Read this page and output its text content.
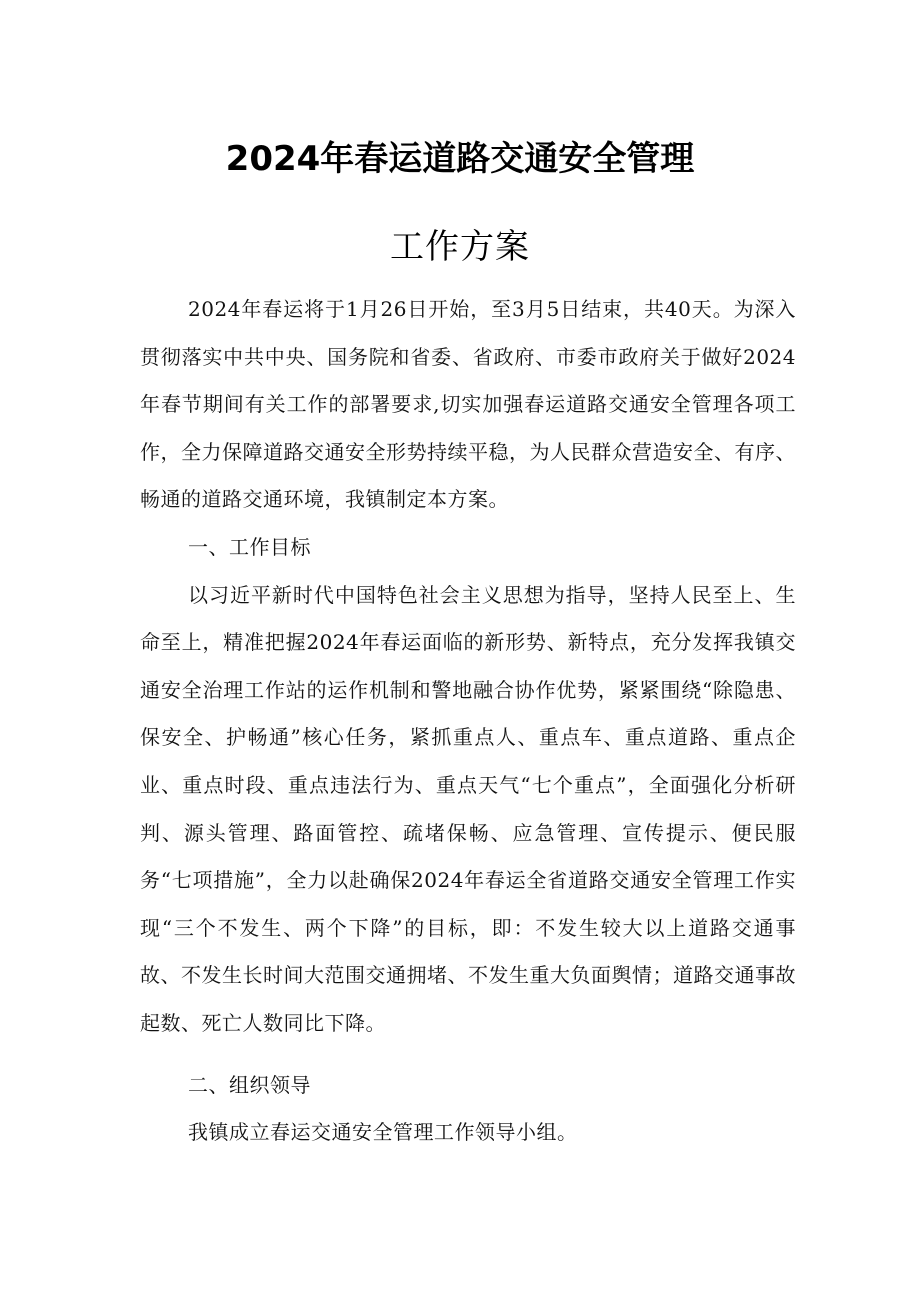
2024年春运道路交通安全管理
工作方案

2024年春运将于1月26日开始，至3月5日结束，共40天。为深入贯彻落实中共中央、国务院和省委、省政府、市委市政府关于做好2024年春节期间有关工作的部署要求,切实加强春运道路交通安全管理各项工作，全力保障道路交通安全形势持续平稳，为人民群众营造安全、有序、畅通的道路交通环境，我镇制定本方案。

一、工作目标

以习近平新时代中国特色社会主义思想为指导，坚持人民至上、生命至上，精准把握2024年春运面临的新形势、新特点，充分发挥我镇交通安全治理工作站的运作机制和警地融合协作优势，紧紧围绕“除隐患、保安全、护畅通”核心任务，紧抓重点人、重点车、重点道路、重点企业、重点时段、重点违法行为、重点天气“七个重点”，全面强化分析研判、源头管理、路面管控、疏堵保畅、应急管理、宣传提示、便民服务“七项措施”，全力以赴确保2024年春运全省道路交通安全管理工作实现“三个不发生、两个下降”的目标，即：不发生较大以上道路交通事故、不发生长时间大范围交通拥堵、不发生重大负面舆情；道路交通事故起数、死亡人数同比下降。

二、组织领导

我镇成立春运交通安全管理工作领导小组。
